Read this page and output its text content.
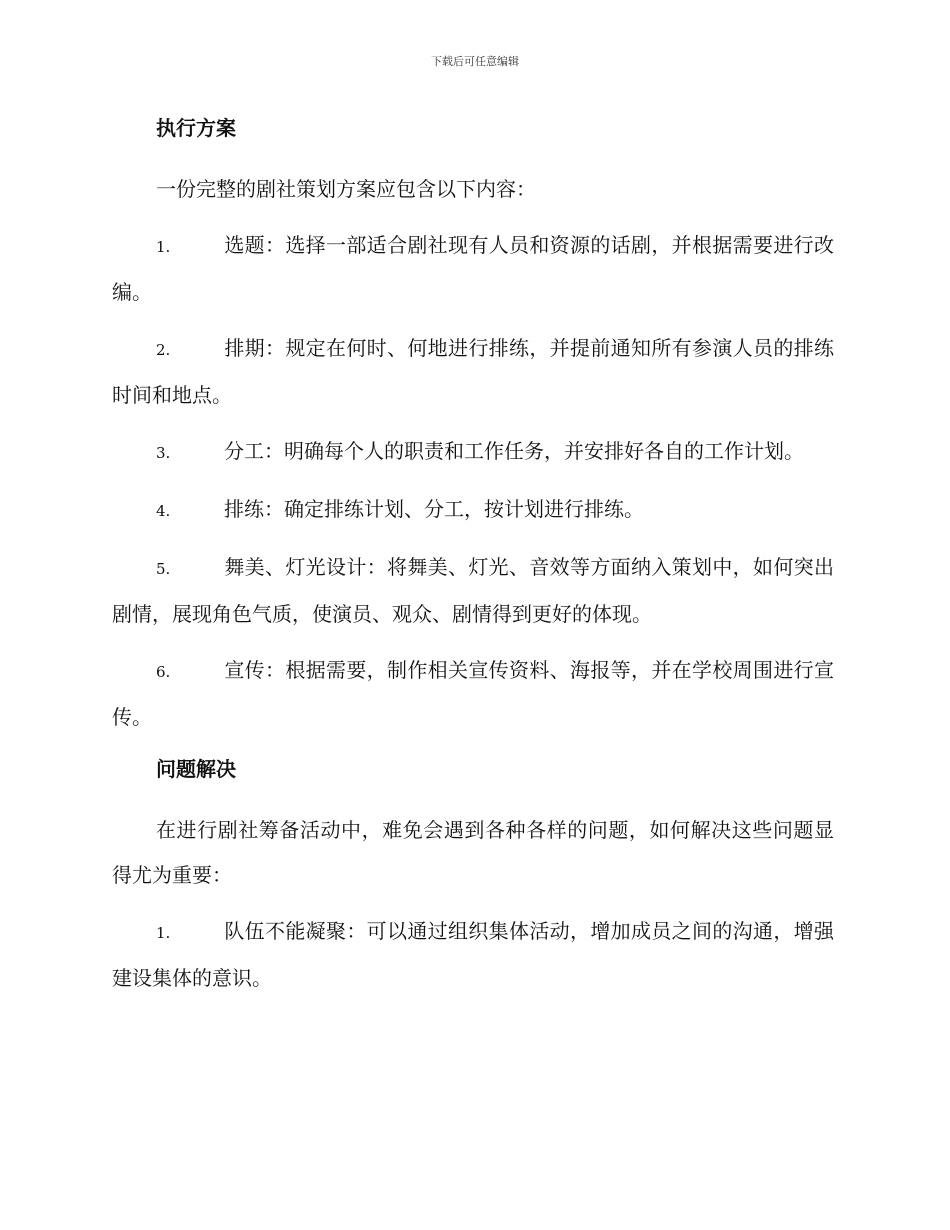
下载后可任意编辑
执行方案
一份完整的剧社策划方案应包含以下内容：
1.	选题：选择一部适合剧社现有人员和资源的话剧，并根据需要进行改编。
2.	排期：规定在何时、何地进行排练，并提前通知所有参演人员的排练时间和地点。
3.	分工：明确每个人的职责和工作任务，并安排好各自的工作计划。
4.	排练：确定排练计划、分工，按计划进行排练。
5.	舞美、灯光设计：将舞美、灯光、音效等方面纳入策划中，如何突出剧情，展现角色气质，使演员、观众、剧情得到更好的体现。
6.	宣传：根据需要，制作相关宣传资料、海报等，并在学校周围进行宣传。
问题解决
在进行剧社筹备活动中，难免会遇到各种各样的问题，如何解决这些问题显得尤为重要：
1.	队伍不能凝聚：可以通过组织集体活动，增加成员之间的沟通，增强建设集体的意识。
